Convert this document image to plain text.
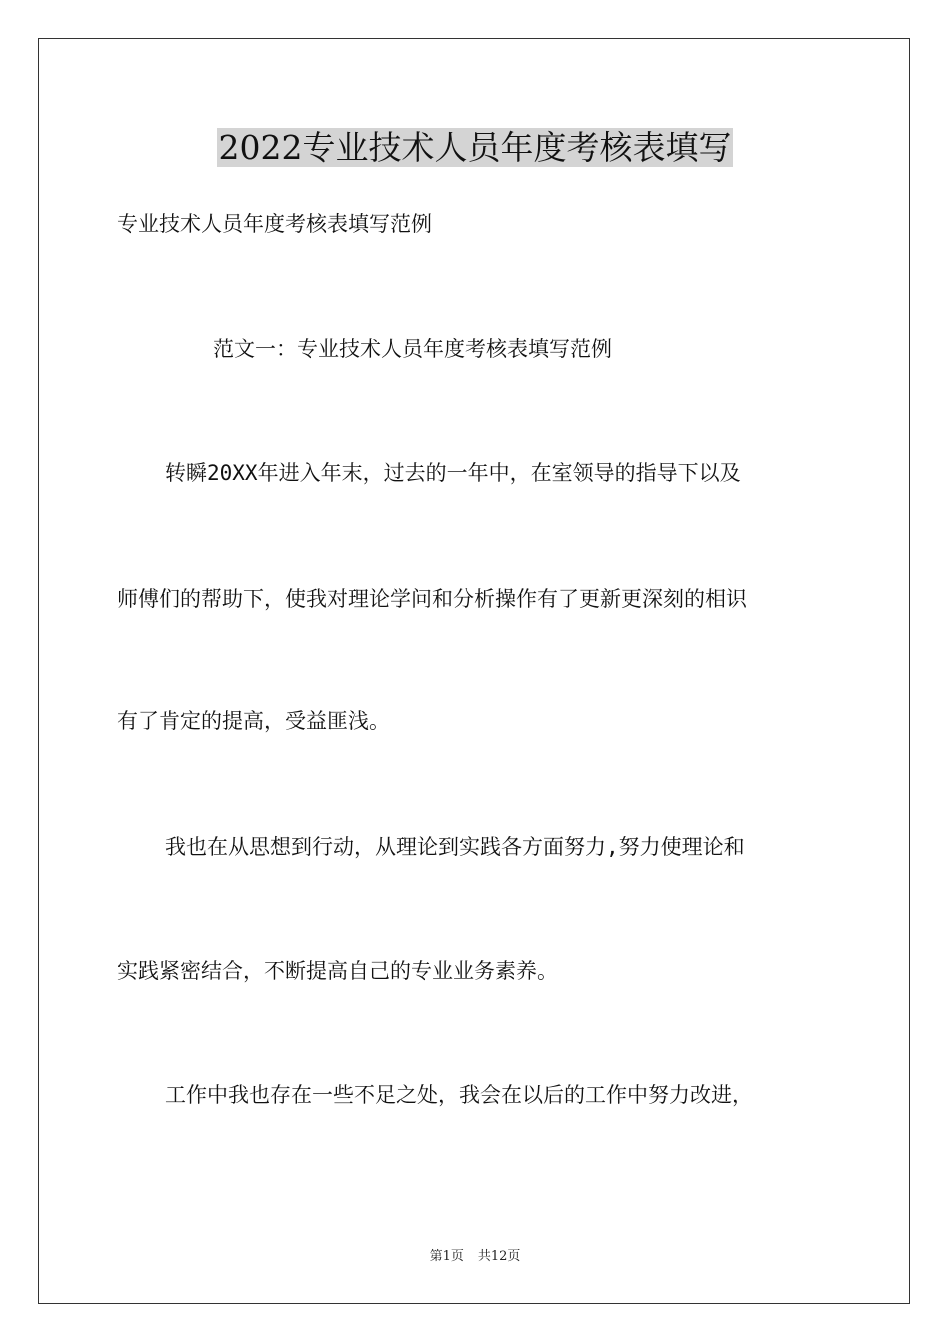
2022专业技术人员年度考核表填写
专业技术人员年度考核表填写范例
范文一：专业技术人员年度考核表填写范例
转瞬20XX年进入年末，过去的一年中，在室领导的指导下以及
师傅们的帮助下，使我对理论学问和分析操作有了更新更深刻的相识
有了肯定的提高，受益匪浅。
我也在从思想到行动，从理论到实践各方面努力,努力使理论和
实践紧密结合，不断提高自己的专业业务素养。
工作中我也存在一些不足之处，我会在以后的工作中努力改进，
第1页 共12页
